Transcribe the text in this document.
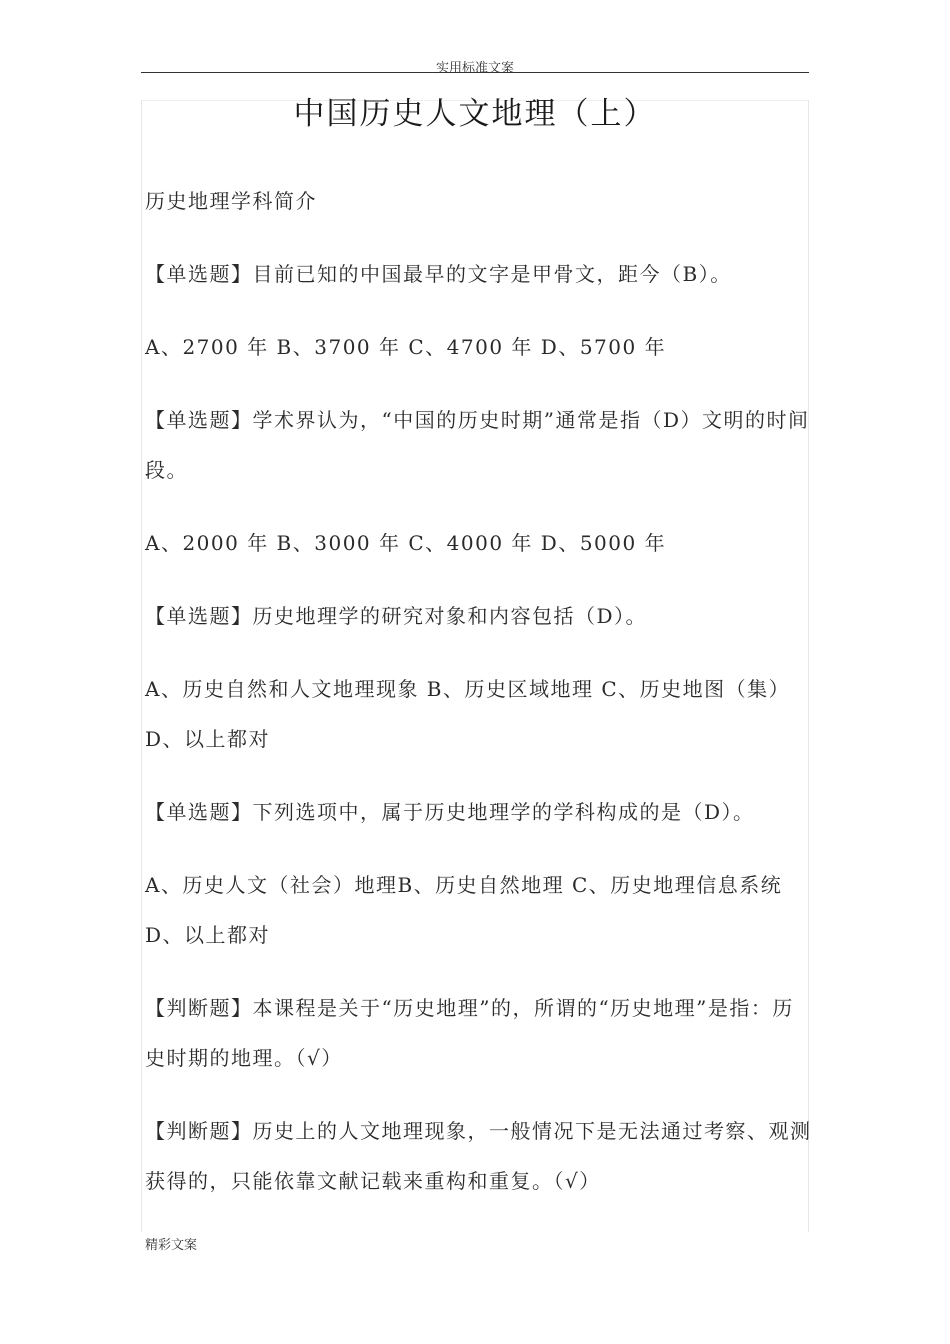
实用标准文案
中国历史人文地理（上）

历史地理学科简介

【单选题】目前已知的中国最早的文字是甲骨文，距今（B）。

A、2700 年 B、3700 年 C、4700 年 D、5700 年

【单选题】学术界认为，“中国的历史时期”通常是指（D）文明的时间段。

A、2000 年 B、3000 年 C、4000 年 D、5000 年

【单选题】历史地理学的研究对象和内容包括（D）。

A、历史自然和人文地理现象 B、历史区域地理 C、历史地图（集）D、以上都对

【单选题】下列选项中，属于历史地理学的学科构成的是（D）。

A、历史人文（社会）地理B、历史自然地理 C、历史地理信息系统 D、以上都对

【判断题】本课程是关于“历史地理”的，所谓的“历史地理”是指：历史时期的地理。（√）

【判断题】历史上的人文地理现象，一般情况下是无法通过考察、观测获得的，只能依靠文献记载来重构和重复。（√）

精彩文案
